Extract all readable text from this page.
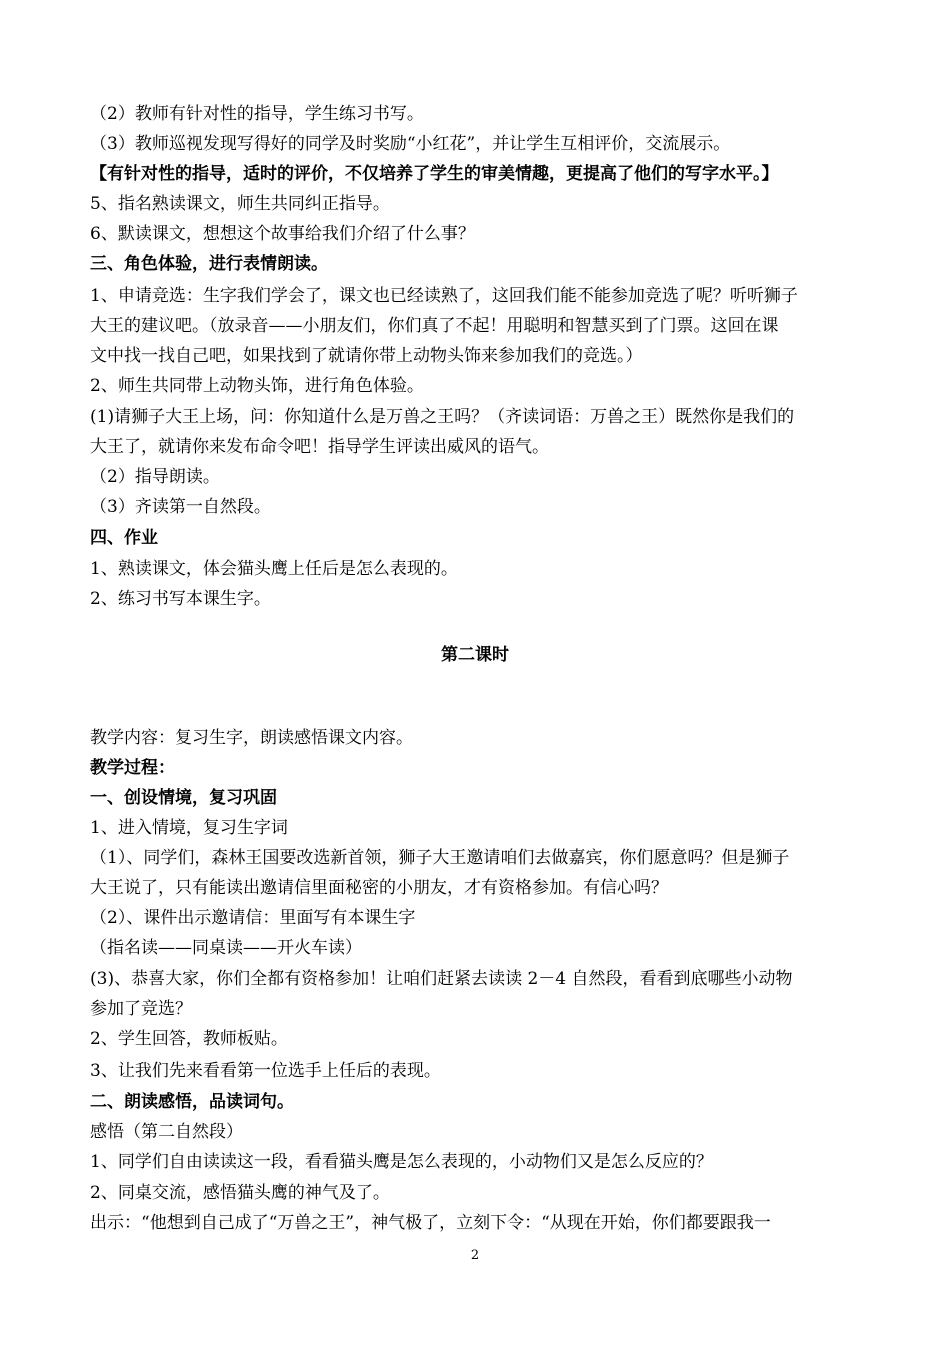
（2）教师有针对性的指导，学生练习书写。
（3）教师巡视发现写得好的同学及时奖励“小红花”，并让学生互相评价，交流展示。
【有针对性的指导，适时的评价，不仅培养了学生的审美情趣，更提高了他们的写字水平。】
5、指名熟读课文，师生共同纠正指导。
6、默读课文，想想这个故事给我们介绍了什么事？
三、角色体验，进行表情朗读。
1、申请竞选：生字我们学会了，课文也已经读熟了，这回我们能不能参加竞选了呢？听听狮子
大王的建议吧。（放录音——小朋友们，你们真了不起！用聪明和智慧买到了门票。这回在课
文中找一找自己吧，如果找到了就请你带上动物头饰来参加我们的竞选。）
2、师生共同带上动物头饰，进行角色体验。
(1)请狮子大王上场，问：你知道什么是万兽之王吗？（齐读词语：万兽之王）既然你是我们的
大王了，就请你来发布命令吧！指导学生评读出威风的语气。
（2）指导朗读。
（3）齐读第一自然段。
四、作业
1、熟读课文，体会猫头鹰上任后是怎么表现的。
2、练习书写本课生字。
第二课时
教学内容：复习生字，朗读感悟课文内容。
教学过程：
一、创设情境，复习巩固
1、进入情境，复习生字词
（1）、同学们，森林王国要改选新首领，狮子大王邀请咱们去做嘉宾，你们愿意吗？但是狮子
大王说了，只有能读出邀请信里面秘密的小朋友，才有资格参加。有信心吗？
（2）、课件出示邀请信：里面写有本课生字
（指名读——同桌读——开火车读）
(3)、恭喜大家，你们全都有资格参加！让咱们赶紧去读读 2－4 自然段，看看到底哪些小动物
参加了竞选？
2、学生回答，教师板贴。
3、让我们先来看看第一位选手上任后的表现。
二、朗读感悟，品读词句。
感悟（第二自然段）
1、同学们自由读读这一段，看看猫头鹰是怎么表现的，小动物们又是怎么反应的？
2、同桌交流，感悟猫头鹰的神气及了。
出示：“他想到自己成了“万兽之王”，神气极了，立刻下令：“从现在开始，你们都要跟我一
2
